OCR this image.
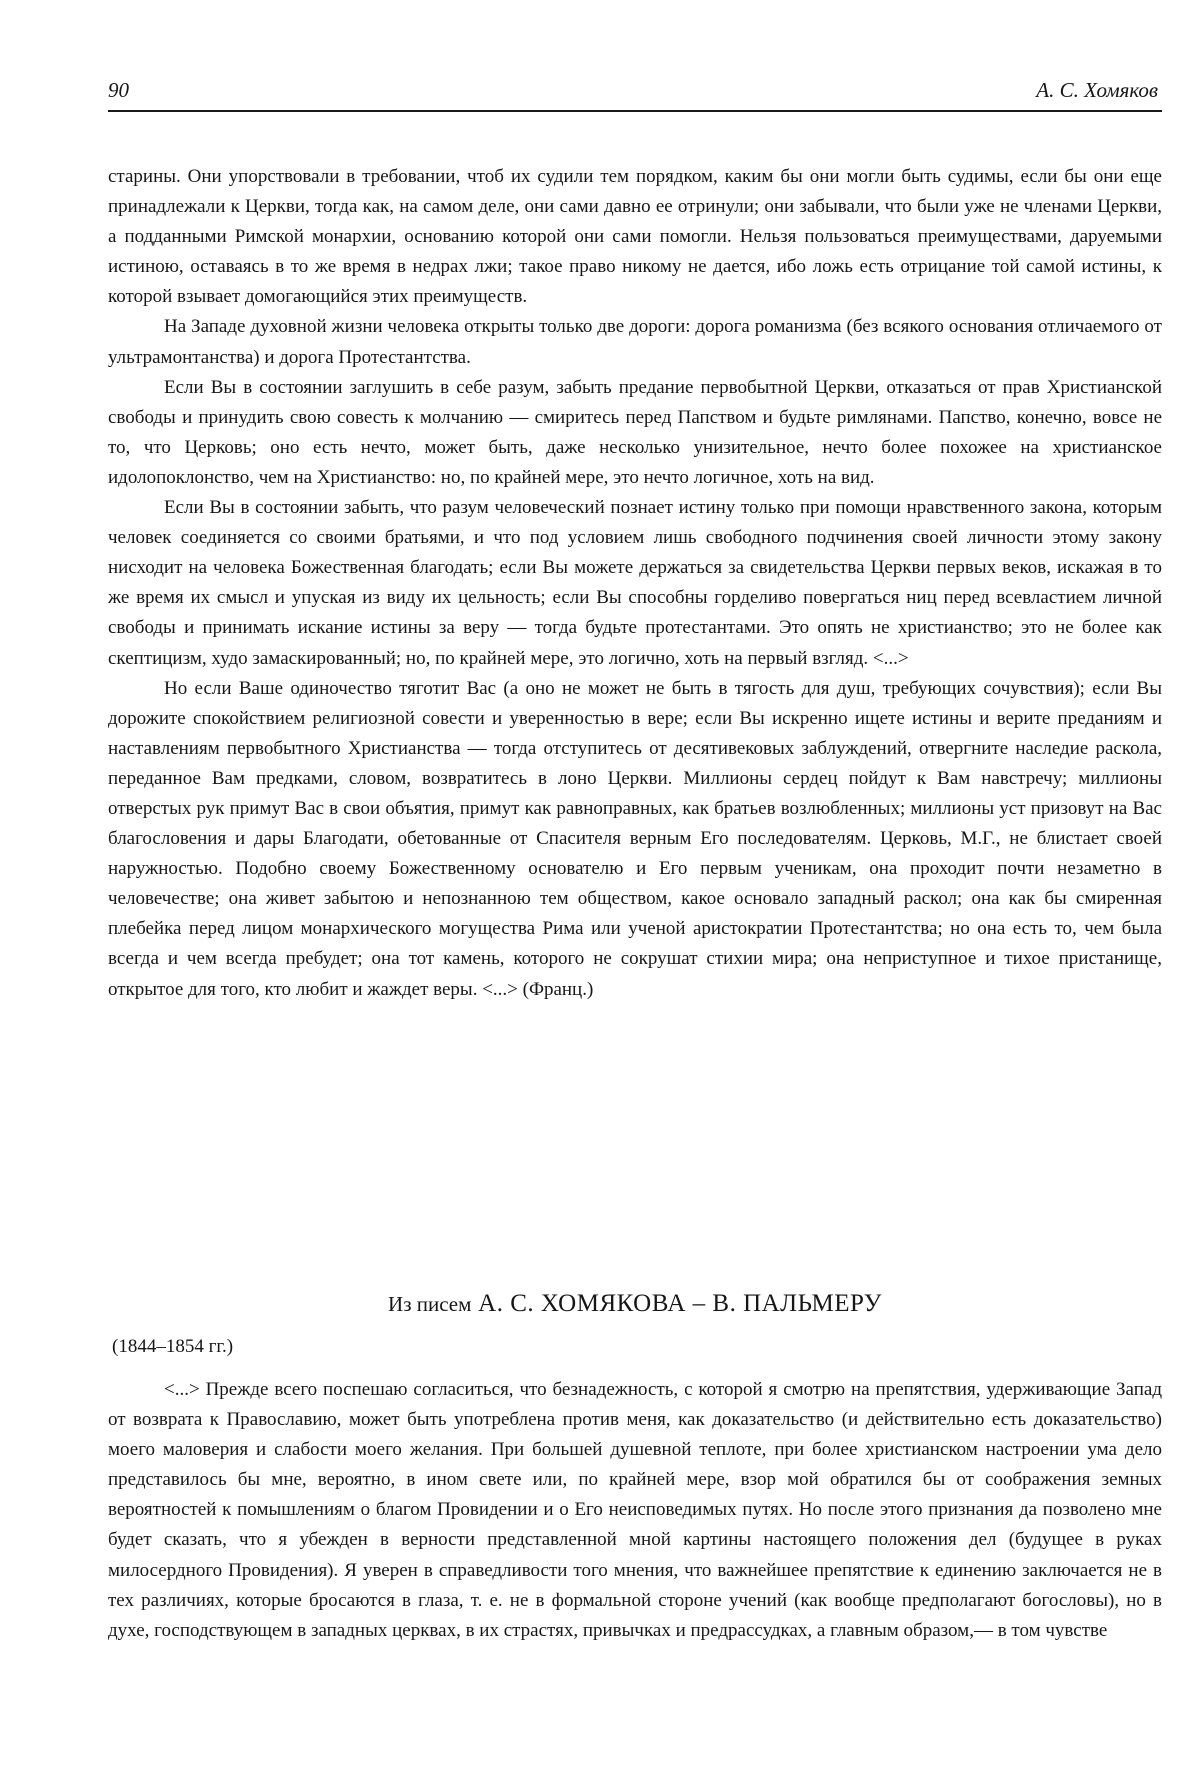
90	А. С. Хомяков

старины. Они упорствовали в требовании, чтоб их судили тем порядком, каким бы они могли быть судимы, если бы они еще принадлежали к Церкви, тогда как, на самом деле, они сами давно ее отринули; они забывали, что были уже не членами Церкви, а подданными Римской монархии, основанию которой они сами помогли. Нельзя пользоваться преимуществами, даруемыми истиною, оставаясь в то же время в недрах лжи; такое право никому не дается, ибо ложь есть отрицание той самой истины, к которой взывает домогающийся этих преимуществ.

На Западе духовной жизни человека открыты только две дороги: дорога романизма (без всякого основания отличаемого от ультрамонтанства) и дорога Протестантства.

Если Вы в состоянии заглушить в себе разум, забыть предание первобытной Церкви, отказаться от прав Христианской свободы и принудить свою совесть к молчанию — смиритесь перед Папством и будьте римлянами. Папство, конечно, вовсе не то, что Церковь; оно есть нечто, может быть, даже несколько унизительное, нечто более похожее на христианское идолопоклонство, чем на Христианство: но, по крайней мере, это нечто логичное, хоть на вид.

Если Вы в состоянии забыть, что разум человеческий познает истину только при помощи нравственного закона, которым человек соединяется со своими братьями, и что под условием лишь свободного подчинения своей личности этому закону нисходит на человека Божественная благодать; если Вы можете держаться за свидетельства Церкви первых веков, искажая в то же время их смысл и упуская из виду их цельность; если Вы способны горделиво повергаться ниц перед всевластием личной свободы и принимать искание истины за веру — тогда будьте протестантами. Это опять не христианство; это не более как скептицизм, худо замаскированный; но, по крайней мере, это логично, хоть на первый взгляд. <...>

Но если Ваше одиночество тяготит Вас (а оно не может не быть в тягость для душ, требующих сочувствия); если Вы дорожите спокойствием религиозной совести и уверенностью в вере; если Вы искренно ищете истины и верите преданиям и наставлениям первобытного Христианства — тогда отступитесь от десятивековых заблуждений, отвергните наследие раскола, переданное Вам предками, словом, возвратитесь в лоно Церкви. Миллионы сердец пойдут к Вам навстречу; миллионы отверстых рук примут Вас в свои объятия, примут как равноправных, как братьев возлюбленных; миллионы уст призовут на Вас благословения и дары Благодати, обетованные от Спасителя верным Его последователям. Церковь, М.Г., не блистает своей наружностью. Подобно своему Божественному основателю и Его первым ученикам, она проходит почти незаметно в человечестве; она живет забытою и непознанною тем обществом, какое основало западный раскол; она как бы смиренная плебейка перед лицом монархического могущества Рима или ученой аристократии Протестантства; но она есть то, чем была всегда и чем всегда пребудет; она тот камень, которого не сокрушат стихии мира; она неприступное и тихое пристанище, открытое для того, кто любит и жаждет веры. <...> (Франц.)

Из писем А. С. ХОМЯКОВА – В. ПАЛЬМЕРУ
(1844–1854 гг.)

<...> Прежде всего поспешаю согласиться, что безнадежность, с которой я смотрю на препятствия, удерживающие Запад от возврата к Православию, может быть употреблена против меня, как доказательство (и действительно есть доказательство) моего маловерия и слабости моего желания. При большей душевной теплоте, при более христианском настроении ума дело представилось бы мне, вероятно, в ином свете или, по крайней мере, взор мой обратился бы от соображения земных вероятностей к помышлениям о благом Провидении и о Его неисповедимых путях. Но после этого признания да позволено мне будет сказать, что я убежден в верности представленной мной картины настоящего положения дел (будущее в руках милосердного Провидения). Я уверен в справедливости того мнения, что важнейшее препятствие к единению заключается не в тех различиях, которые бросаются в глаза, т. е. не в формальной стороне учений (как вообще предполагают богословы), но в духе, господствующем в западных церквах, в их страстях, привычках и предрассудках, а главным образом,— в том чувстве
